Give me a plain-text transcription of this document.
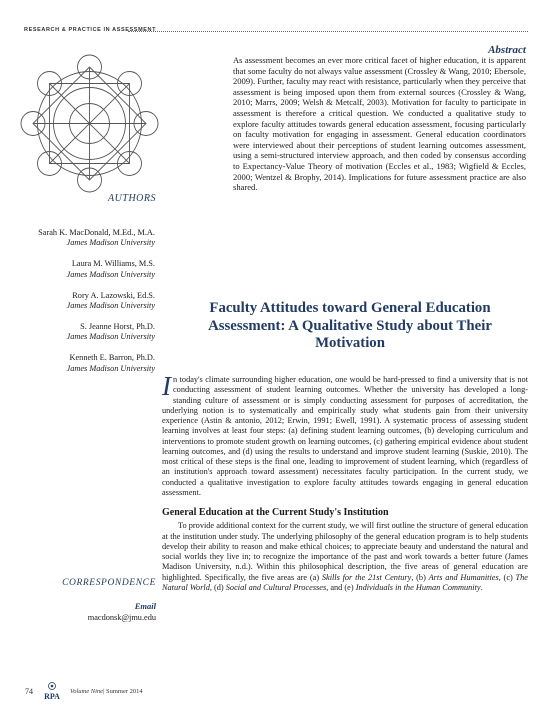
RESEARCH & PRACTICE IN ASSESSMENT
Abstract
As assessment becomes an ever more critical facet of higher education, it is apparent that some faculty do not always value assessment (Crossley & Wang, 2010; Ebersole, 2009). Further, faculty may react with resistance, particularly when they perceive that assessment is being imposed upon them from external sources (Crossley & Wang, 2010; Marrs, 2009; Welsh & Metcalf, 2003). Motivation for faculty to participate in assessment is therefore a critical question. We conducted a qualitative study to explore faculty attitudes towards general education assessment, focusing particularly on faculty motivation for engaging in assessment. General education coordinators were interviewed about their perceptions of student learning outcomes assessment, using a semi-structured interview approach, and then coded by consensus according to Expectancy-Value Theory of motivation (Eccles et al., 1983; Wigfield & Eccles, 2000; Wentzel & Brophy, 2014). Implications for future assessment practice are also shared.
AUTHORS
Sarah K. MacDonald, M.Ed., M.A.
James Madison University
Laura M. Williams, M.S.
James Madison University
Rory A. Lazowski, Ed.S.
James Madison University
S. Jeanne Horst, Ph.D.
James Madison University
Kenneth E. Barron, Ph.D.
James Madison University
Faculty Attitudes toward General Education Assessment: A Qualitative Study about Their Motivation

In today's climate surrounding higher education, one would be hard-pressed to find a university that is not conducting assessment of student learning outcomes. Whether the university has developed a long-standing culture of assessment or is simply conducting assessment for purposes of accreditation, the underlying notion is to systematically and empirically study what students gain from their university experience (Astin & antonio, 2012; Erwin, 1991; Ewell, 1991). A systematic process of assessing student learning involves at least four steps: (a) defining student learning outcomes, (b) developing curriculum and interventions to promote student growth on learning outcomes, (c) gathering empirical evidence about student learning outcomes, and (d) using the results to understand and improve student learning (Suskie, 2010). The most critical of these steps is the final one, leading to improvement of student learning, which (regardless of an institution's approach toward assessment) necessitates faculty participation. In the current study, we conducted a qualitative investigation to explore faculty attitudes towards engaging in general education assessment.

General Education at the Current Study's Institution

To provide additional context for the current study, we will first outline the structure of general education at the institution under study. The underlying philosophy of the general education program is to help students develop their ability to reason and make ethical choices; to appreciate beauty and understand the natural and social worlds they live in; to recognize the importance of the past and work towards a better future (James Madison University, n.d.). Within this philosophical description, the five areas of general education are highlighted. Specifically, the five areas are (a) Skills for the 21st Century, (b) Arts and Humanities, (c) The Natural World, (d) Social and Cultural Processes, and (e) Individuals in the Human Community.

CORRESPONDENCE
Email
macdonsk@jmu.edu
74
RPA
Volume Nine | Summer 2014
